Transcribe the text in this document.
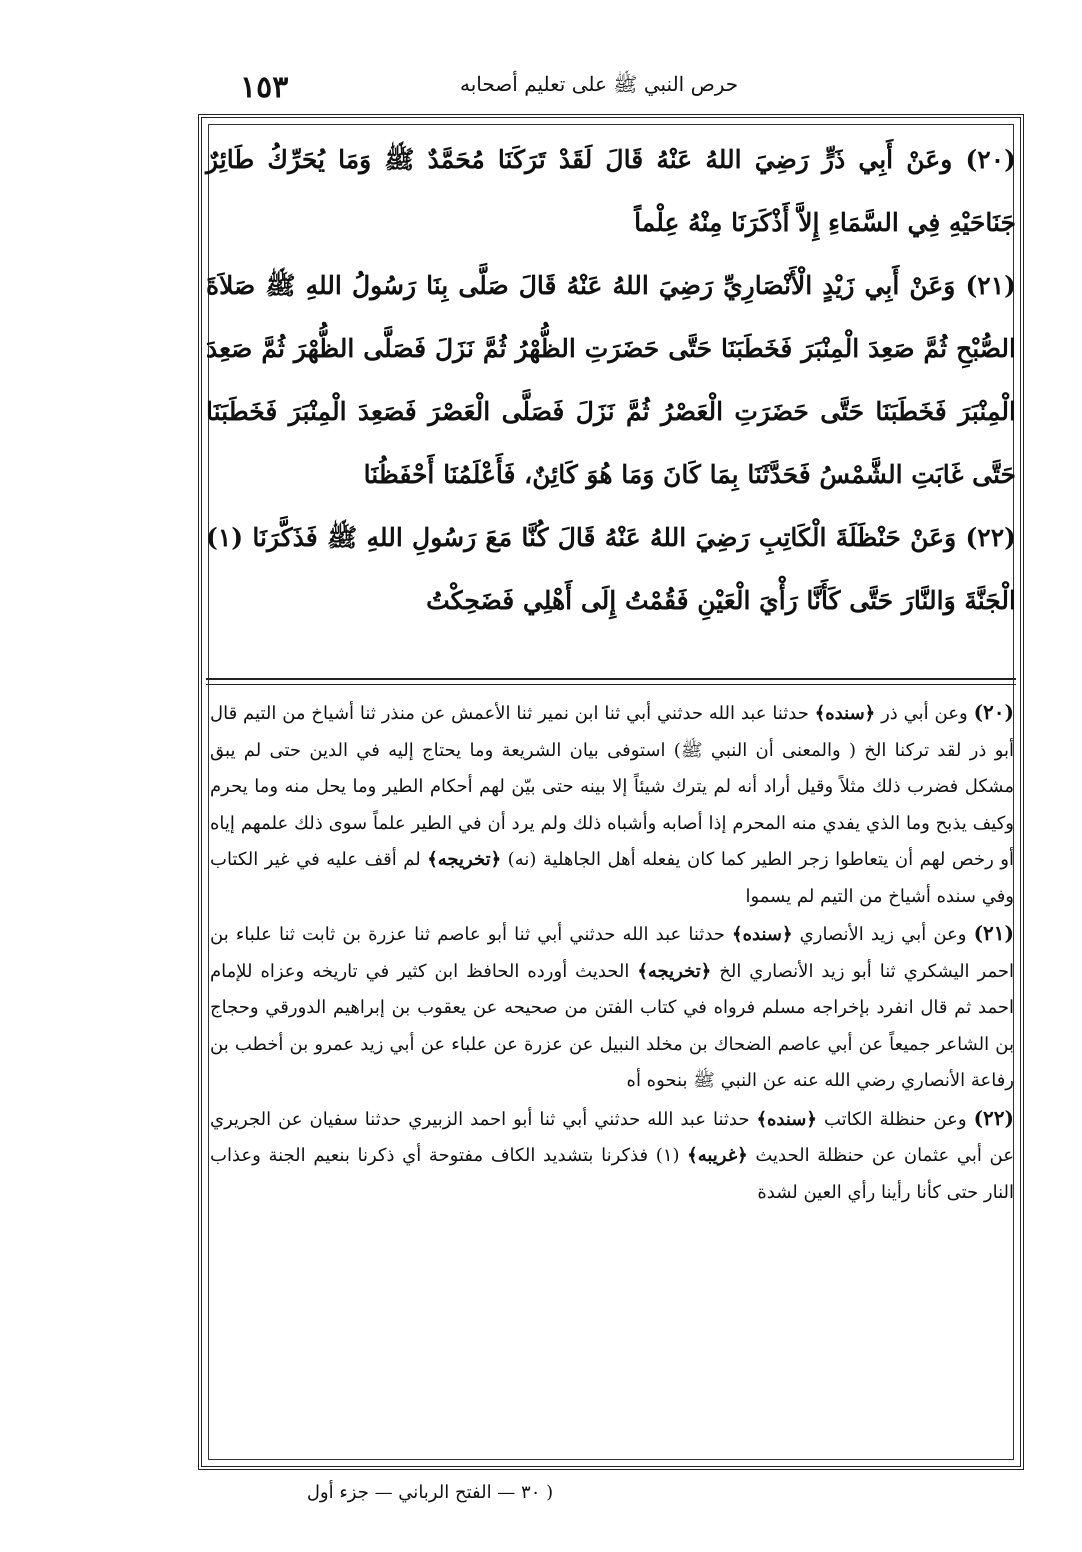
١٥٣	حرص النبي ﷺ على تعليم أصحابه

(٢٠) وعَنْ أَبِي ذَرٍّ رَضِيَ اللهُ عَنْهُ قَالَ لَقَدْ تَرَكَنَا مُحَمَّدٌ ﷺ وَمَا يُحَرِّكُ طَائِرٌ جَنَاحَيْهِ فِي السَّمَاءِ إِلاَّ أَذْكَرَنَا مِنْهُ عِلْماً

(٢١) وَعَنْ أَبِي زَيْدٍ الْأَنْصَارِيِّ رَضِيَ اللهُ عَنْهُ قَالَ صَلَّى بِنَا رَسُولُ اللهِ ﷺ صَلاَةَ الصُّبْحِ ثُمَّ صَعِدَ الْمِنْبَرَ فَخَطَبَنَا حَتَّى حَضَرَتِ الظُّهْرُ ثُمَّ نَزَلَ فَصَلَّى الظُّهْرَ ثُمَّ صَعِدَ الْمِنْبَرَ فَخَطَبَنَا حَتَّى حَضَرَتِ الْعَصْرُ ثُمَّ نَزَلَ فَصَلَّى الْعَصْرَ فَصَعِدَ الْمِنْبَرَ فَخَطَبَنَا حَتَّى غَابَتِ الشَّمْسُ فَحَدَّثَنَا بِمَا كَانَ وَمَا هُوَ كَائِنٌ، فَأَعْلَمُنَا أَحْفَظُنَا

(٢٢) وَعَنْ حَنْظَلَةَ الْكَاتِبِ رَضِيَ اللهُ عَنْهُ قَالَ كُنَّا مَعَ رَسُولِ اللهِ ﷺ فَذَكَّرَنَا (١) الْجَنَّةَ وَالنَّارَ حَتَّى كَأَنَّا رَأْيَ الْعَيْنِ فَقُمْتُ إِلَى أَهْلِي فَضَحِكْتُ

(٢٠) وعن أبي ذر ﴿سنده﴾ حدثنا عبد الله حدثني أبي ثنا ابن نمير ثنا الأعمش عن منذر ثنا أشياخ من التيم قال أبو ذر لقد تركنا الخ ( والمعنى أن النبي ﷺ) استوفى بيان الشريعة وما يحتاج إليه في الدين حتى لم يبق مشكل فضرب ذلك مثلاً وقيل أراد أنه لم يترك شيئاً إلا بينه حتى بيّن لهم أحكام الطير وما يحل منه وما يحرم وكيف يذبح وما الذي يفدي منه المحرم إذا أصابه وأشباه ذلك ولم يرد أن في الطير علماً سوى ذلك علمهم إياه أو رخص لهم أن يتعاطوا زجر الطير كما كان يفعله أهل الجاهلية (نه) ﴿تخريجه﴾ لم أقف عليه في غير الكتاب وفي سنده أشياخ من التيم لم يسموا

(٢١) وعن أبي زيد الأنصاري ﴿سنده﴾ حدثنا عبد الله حدثني أبي ثنا أبو عاصم ثنا عزرة بن ثابت ثنا علباء بن احمر اليشكري ثنا أبو زيد الأنصاري الخ ﴿تخريجه﴾ الحديث أورده الحافظ ابن كثير في تاريخه وعزاه للإمام احمد ثم قال انفرد بإخراجه مسلم فرواه في كتاب الفتن من صحيحه عن يعقوب بن إبراهيم الدورقي وحجاج بن الشاعر جميعاً عن أبي عاصم الضحاك بن مخلد النبيل عن عزرة عن علباء عن أبي زيد عمرو بن أخطب بن رفاعة الأنصاري رضي الله عنه عن النبي ﷺ بنحوه أه

(٢٢) وعن حنظلة الكاتب ﴿سنده﴾ حدثنا عبد الله حدثني أبي ثنا أبو احمد الزبيري حدثنا سفيان عن الجريري عن أبي عثمان عن حنظلة الحديث ﴿غريبه﴾ (١) فذكرنا بتشديد الكاف مفتوحة أي ذكرنا بنعيم الجنة وعذاب النار حتى كأنا رأينا رأي العين لشدة

( ٣٠ — الفتح الرباني — جزء أول
